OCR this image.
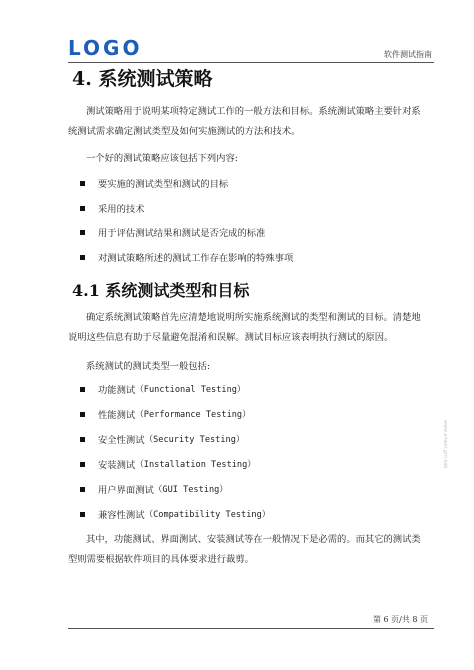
LOGO	软件测试指南
4. 系统测试策略
测试策略用于说明某项特定测试工作的一般方法和目标。系统测试策略主要针对系统测试需求确定测试类型及如何实施测试的方法和技术。
一个好的测试策略应该包括下列内容:
要实施的测试类型和测试的目标
采用的技术
用于评估测试结果和测试是否完成的标准
对测试策略所述的测试工作存在影响的特殊事项
4.1 系统测试类型和目标
确定系统测试策略首先应清楚地说明所实施系统测试的类型和测试的目标。清楚地说明这些信息有助于尽量避免混淆和误解。测试目标应该表明执行测试的原因。
系统测试的测试类型一般包括:
功能测试 （Functional Testing）
性能测试 （Performance Testing）
安全性测试 （Security Testing）
安装测试 （Installation Testing）
用户界面测试 （GUI Testing）
兼容性测试 （Compatibility Testing）
其中，功能测试、界面测试、安装测试等在一般情况下是必需的。而其它的测试类型则需要根据软件项目的具体要求进行裁剪。
第 6 页/共 8 页
www.anwei.gm.kab
